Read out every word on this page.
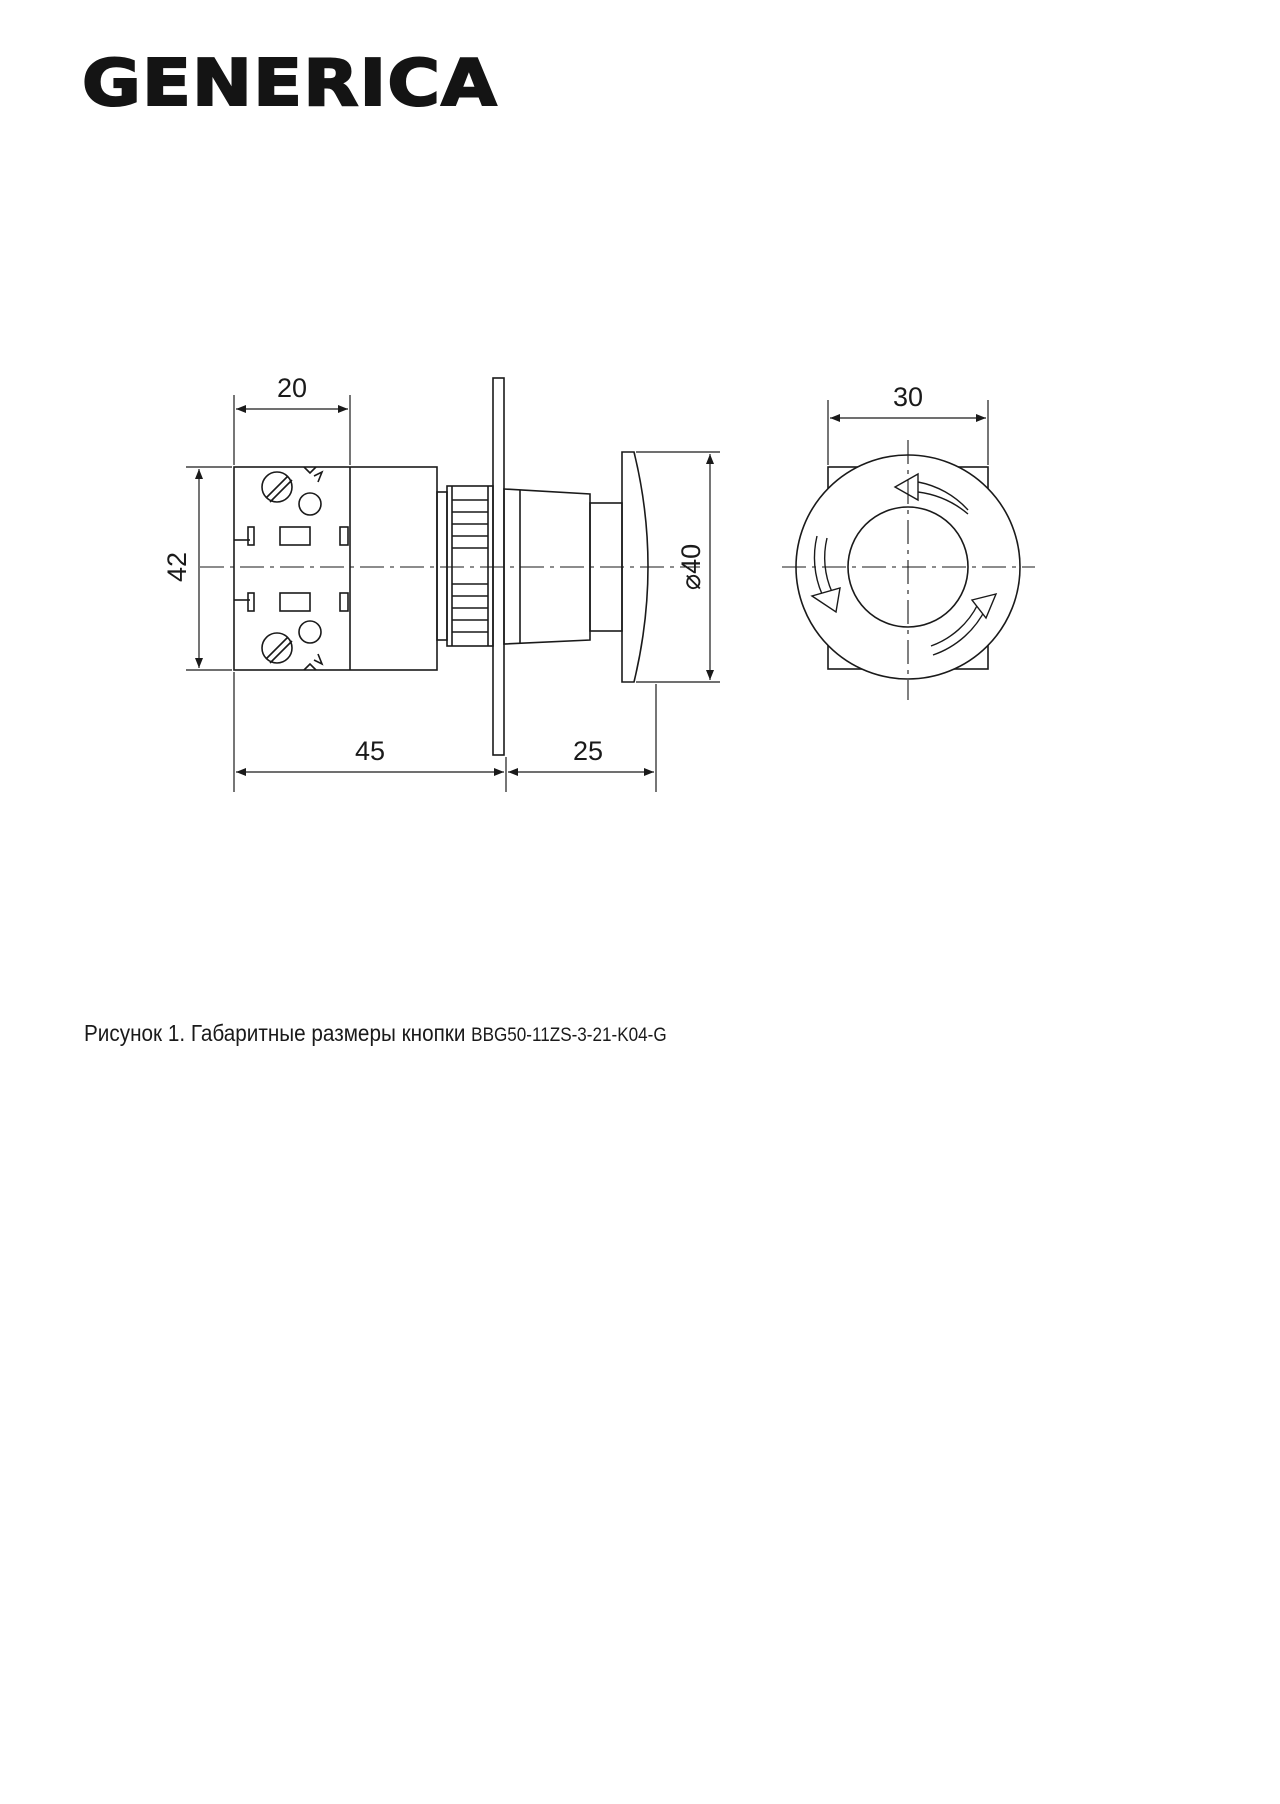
GENERICA
20
42
45	25
⌀40
30

Рисунок 1. Габаритные размеры кнопки BBG50-11ZS-3-21-K04-G
